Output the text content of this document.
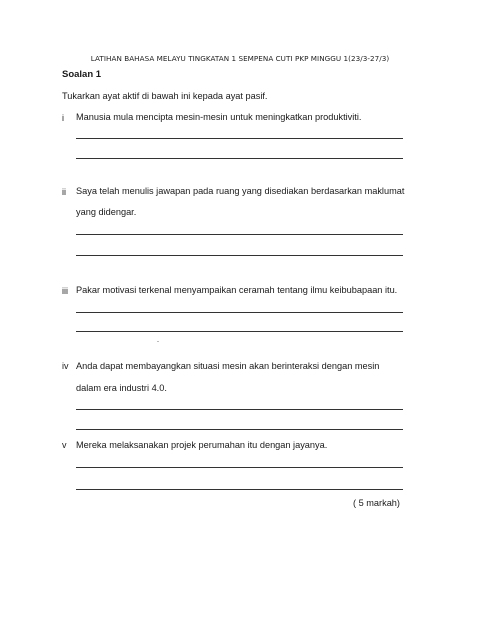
LATIHAN BAHASA MELAYU TINGKATAN 1 SEMPENA CUTI PKP MINGGU 1(23/3-27/3)
Soalan 1
Tukarkan ayat aktif di bawah ini kepada ayat pasif.
i Manusia mula mencipta mesin-mesin untuk meningkatkan produktiviti.
ii Saya telah menulis jawapan pada ruang yang disediakan berdasarkan maklumat
yang didengar.
iii Pakar motivasi terkenal menyampaikan ceramah tentang ilmu keibubapaan itu.
iv Anda dapat membayangkan situasi mesin akan berinteraksi dengan mesin
dalam era industri 4.0.
v Mereka melaksanakan projek perumahan itu dengan jayanya.
( 5 markah)
